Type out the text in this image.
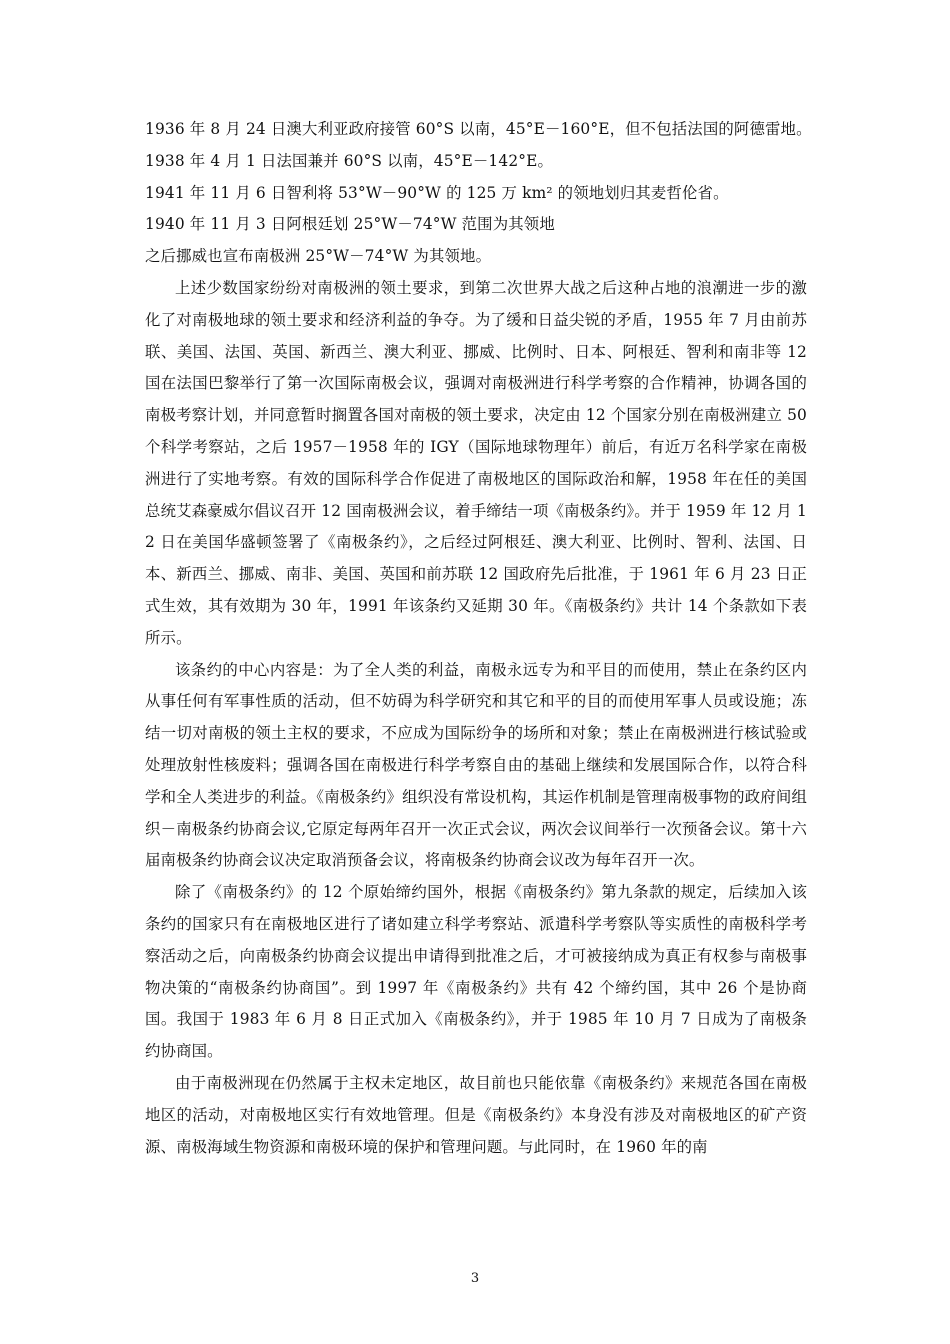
1936 年 8 月 24 日澳大利亚政府接管 60°S 以南，45°E－160°E，但不包括法国的阿德雷地。

1938 年 4 月 1 日法国兼并 60°S 以南，45°E－142°E。

1941 年 11 月 6 日智利将 53°W－90°W 的 125 万 km² 的领地划归其麦哲伦省。

1940 年 11 月 3 日阿根廷划 25°W－74°W 范围为其领地

之后挪威也宣布南极洲 25°W－74°W 为其领地。

上述少数国家纷纷对南极洲的领土要求，到第二次世界大战之后这种占地的浪潮进一步的激化了对南极地球的领土要求和经济利益的争夺。为了缓和日益尖锐的矛盾，1955 年 7 月由前苏联、美国、法国、英国、新西兰、澳大利亚、挪威、比例时、日本、阿根廷、智利和南非等 12 国在法国巴黎举行了第一次国际南极会议，强调对南极洲进行科学考察的合作精神，协调各国的南极考察计划，并同意暂时搁置各国对南极的领土要求，决定由 12 个国家分别在南极洲建立 50 个科学考察站，之后 1957－1958 年的 IGY（国际地球物理年）前后，有近万名科学家在南极洲进行了实地考察。有效的国际科学合作促进了南极地区的国际政治和解，1958 年在任的美国总统艾森豪威尔倡议召开 12 国南极洲会议，着手缔结一项《南极条约》。并于 1959 年 12 月 12 日在美国华盛顿签署了《南极条约》，之后经过阿根廷、澳大利亚、比例时、智利、法国、日本、新西兰、挪威、南非、美国、英国和前苏联 12 国政府先后批准，于 1961 年 6 月 23 日正式生效，其有效期为 30 年，1991 年该条约又延期 30 年。《南极条约》共计 14 个条款如下表所示。

该条约的中心内容是：为了全人类的利益，南极永远专为和平目的而使用，禁止在条约区内从事任何有军事性质的活动，但不妨碍为科学研究和其它和平的目的而使用军事人员或设施；冻结一切对南极的领土主权的要求，不应成为国际纷争的场所和对象；禁止在南极洲进行核试验或处理放射性核废料；强调各国在南极进行科学考察自由的基础上继续和发展国际合作，以符合科学和全人类进步的利益。《南极条约》组织没有常设机构，其运作机制是管理南极事物的政府间组织－南极条约协商会议,它原定每两年召开一次正式会议，两次会议间举行一次预备会议。第十六届南极条约协商会议决定取消预备会议，将南极条约协商会议改为每年召开一次。

除了《南极条约》的 12 个原始缔约国外，根据《南极条约》第九条款的规定，后续加入该条约的国家只有在南极地区进行了诸如建立科学考察站、派遣科学考察队等实质性的南极科学考察活动之后，向南极条约协商会议提出申请得到批准之后，才可被接纳成为真正有权参与南极事物决策的“南极条约协商国”。到 1997 年《南极条约》共有 42 个缔约国，其中 26 个是协商国。我国于 1983 年 6 月 8 日正式加入《南极条约》，并于 1985 年 10 月 7 日成为了南极条约协商国。

由于南极洲现在仍然属于主权未定地区，故目前也只能依靠《南极条约》来规范各国在南极地区的活动，对南极地区实行有效地管理。但是《南极条约》本身没有涉及对南极地区的矿产资源、南极海域生物资源和南极环境的保护和管理问题。与此同时，在 1960 年的南

3
